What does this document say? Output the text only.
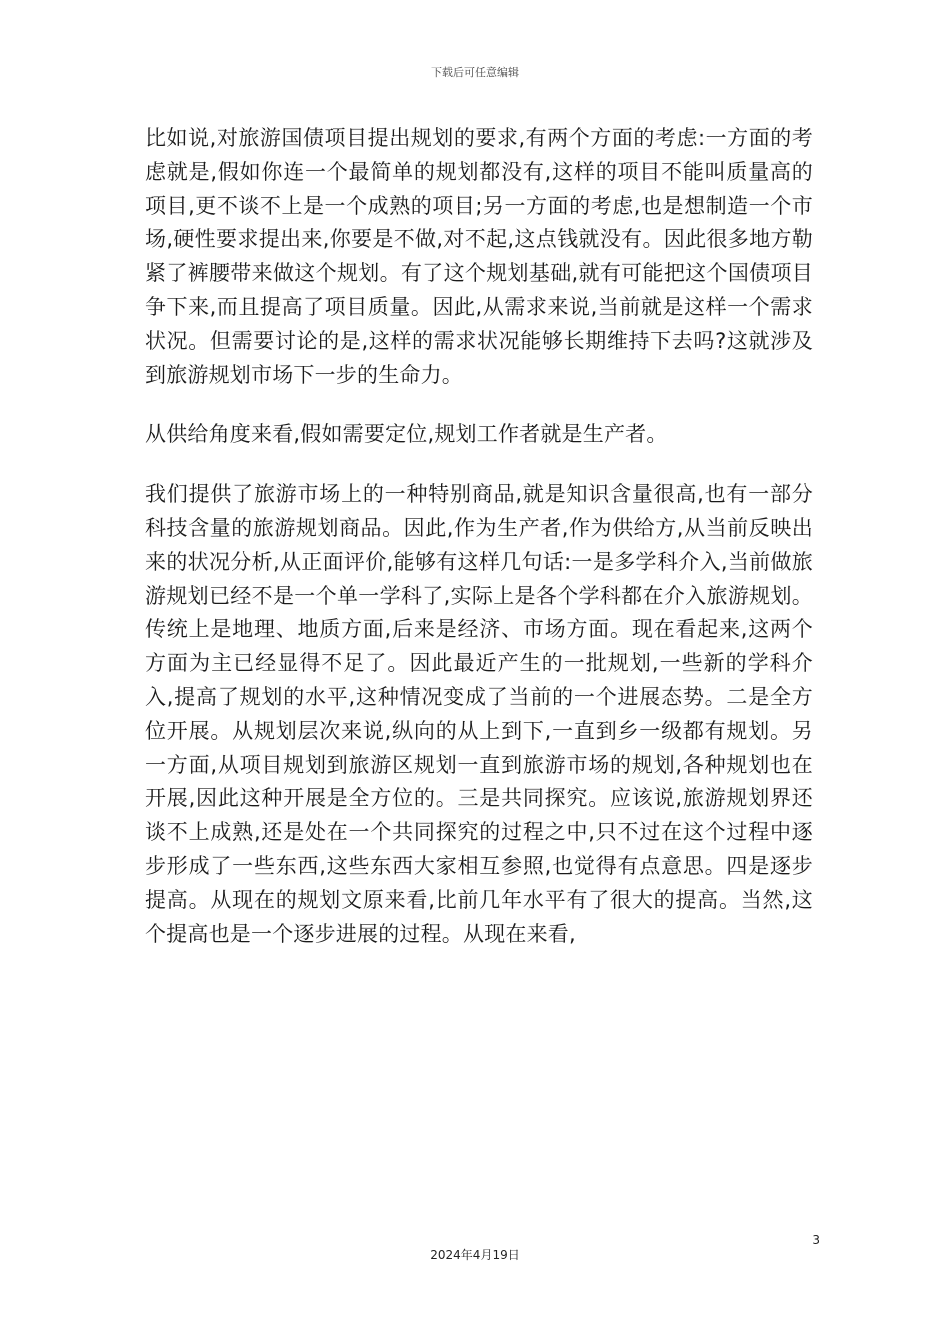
下载后可任意编辑

比如说,对旅游国债项目提出规划的要求,有两个方面的考虑:一方面的考虑就是,假如你连一个最简单的规划都没有,这样的项目不能叫质量高的项目,更不谈不上是一个成熟的项目;另一方面的考虑,也是想制造一个市场,硬性要求提出来,你要是不做,对不起,这点钱就没有。因此很多地方勒紧了裤腰带来做这个规划。有了这个规划基础,就有可能把这个国债项目争下来,而且提高了项目质量。因此,从需求来说,当前就是这样一个需求状况。但需要讨论的是,这样的需求状况能够长期维持下去吗?这就涉及到旅游规划市场下一步的生命力。

从供给角度来看,假如需要定位,规划工作者就是生产者。

我们提供了旅游市场上的一种特别商品,就是知识含量很高,也有一部分科技含量的旅游规划商品。因此,作为生产者,作为供给方,从当前反映出来的状况分析,从正面评价,能够有这样几句话:一是多学科介入,当前做旅游规划已经不是一个单一学科了,实际上是各个学科都在介入旅游规划。传统上是地理、地质方面,后来是经济、市场方面。现在看起来,这两个方面为主已经显得不足了。因此最近产生的一批规划,一些新的学科介入,提高了规划的水平,这种情况变成了当前的一个进展态势。二是全方位开展。从规划层次来说,纵向的从上到下,一直到乡一级都有规划。另一方面,从项目规划到旅游区规划一直到旅游市场的规划,各种规划也在开展,因此这种开展是全方位的。三是共同探究。应该说,旅游规划界还谈不上成熟,还是处在一个共同探究的过程之中,只不过在这个过程中逐步形成了一些东西,这些东西大家相互参照,也觉得有点意思。四是逐步提高。从现在的规划文原来看,比前几年水平有了很大的提高。当然,这个提高也是一个逐步进展的过程。从现在来看,

3
2024年4月19日
